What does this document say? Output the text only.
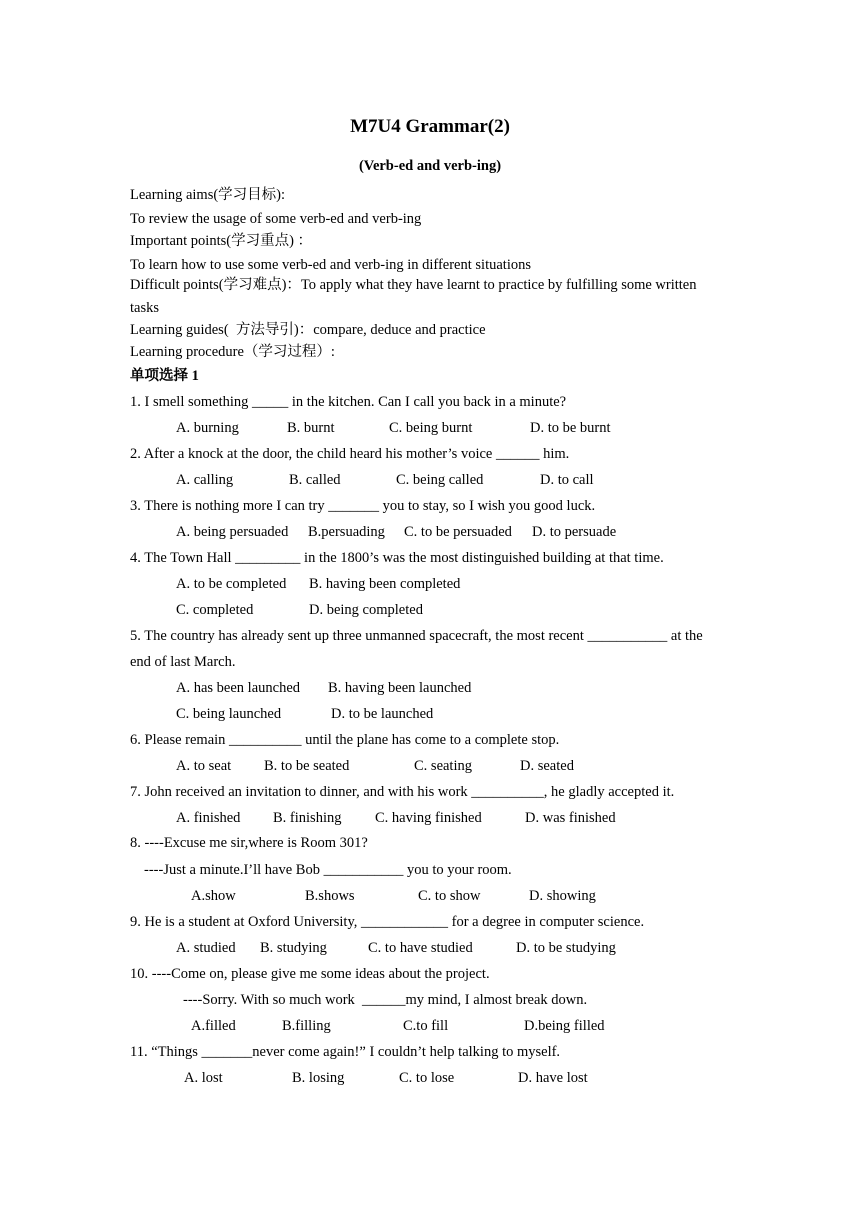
M7U4 Grammar(2)
(Verb-ed and verb-ing)
Learning aims(学习目标):
To review the usage of some verb-ed and verb-ing
Important points(学习重点) ：
To learn how to use some verb-ed and verb-ing in different situations
Difficult points(学习难点)：To apply what they have learnt to practice by fulfilling some written
tasks
Learning guides(  方法导引)：compare, deduce and practice
Learning procedure（学习过程）:
单项选择 1
1. I smell something _____ in the kitchen. Can I call you back in a minute?
A. burning	B. burnt	C. being burnt	D. to be burnt
2. After a knock at the door, the child heard his mother’s voice ______ him.
A. calling	B. called	C. being called	D. to call
3. There is nothing more I can try _______ you to stay, so I wish you good luck.
A. being persuaded B.persuading C. to be persuaded D. to persuade
4. The Town Hall _________ in the 1800’s was the most distinguished building at that time.
A. to be completed B. having been completed
C. completed	D. being completed
5. The country has already sent up three unmanned spacecraft, the most recent ___________ at the
end of last March.
A. has been launched B. having been launched
C. being launched	D. to be launched
6. Please remain __________ until the plane has come to a complete stop.
A. to seat B. to be seated	C. seating	D. seated
7. John received an invitation to dinner, and with his work __________, he gladly accepted it.
A. finished B. finishing C. having finished	D. was finished
8. ----Excuse me sir,where is Room 301?
----Just a minute.I’ll have Bob ___________ you to your room.
A.show	B.shows	C. to show	D. showing
9. He is a student at Oxford University, ____________ for a degree in computer science.
A. studied B. studying	C. to have studied	D. to be studying
10. ----Come on, please give me some ideas about the project.
----Sorry. With so much work  ______my mind, I almost break down.
A.filled	B.filling	C.to fill	D.being filled
11. “Things _______never come again!” I couldn’t help talking to myself.
A. lost	B. losing	C. to lose	D. have lost
